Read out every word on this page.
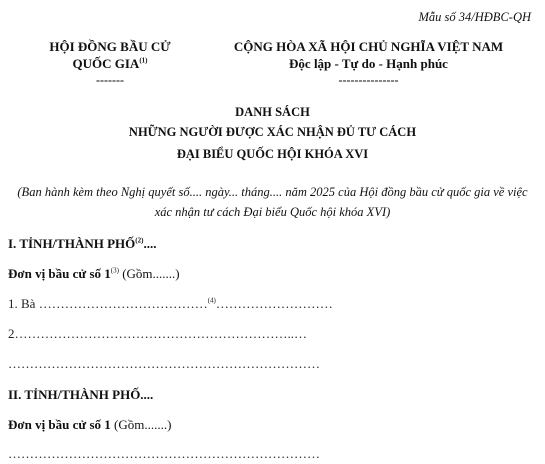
Mẫu số 34/HĐBC-QH
HỘI ĐỒNG BẦU CỬ
QUỐC GIA$^{(1)}$
-------
CỘNG HÒA XÃ HỘI CHỦ NGHĨA VIỆT NAM
Độc lập - Tự do - Hạnh phúc
---------------
DANH SÁCH
NHỮNG NGƯỜI ĐƯỢC XÁC NHẬN ĐỦ TƯ CÁCH
ĐẠI BIỂU QUỐC HỘI KHÓA XVI
(Ban hành kèm theo Nghị quyết số.... ngày... tháng.... năm 2025 của Hội đồng bầu cử quốc gia về việc xác nhận tư cách Đại biểu Quốc hội khóa XVI)
I. TỈNH/THÀNH PHỐ$^{(2)}$....
Đơn vị bầu cử số 1$^{(3)}$ (Gồm.......)
1. Bà …………………………………$^{(4)}$………………………
2………………………………………………………..…
………………………………………………………………
II. TỈNH/THÀNH PHỐ....
Đơn vị bầu cử số 1 (Gồm.......)
………………………………………………………………
